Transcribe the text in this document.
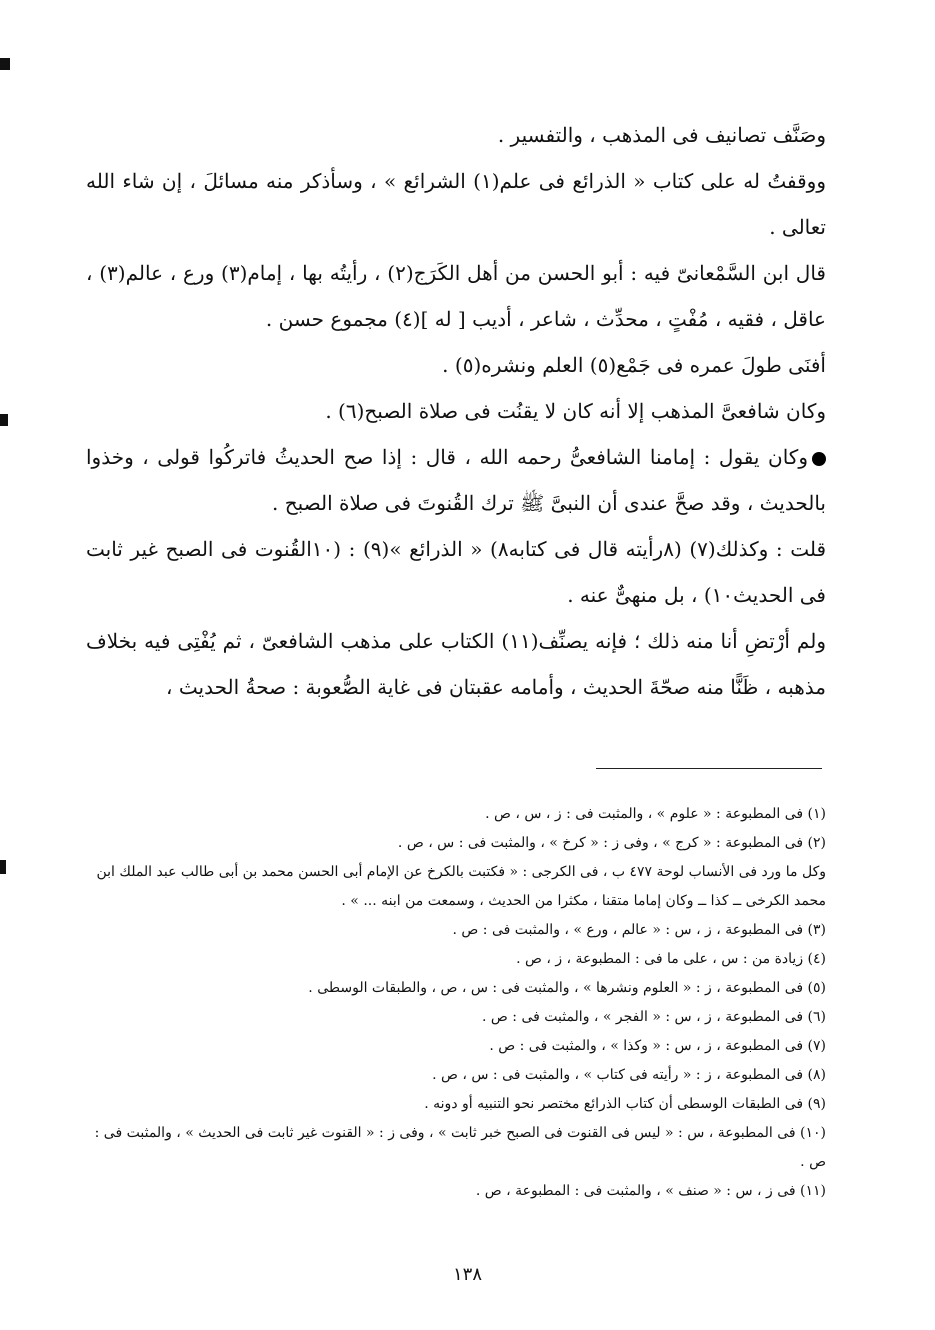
وصَنَّف تصانيف فى المذهب ، والتفسير .

ووقفتُ له على كتاب « الذرائع فى علم(١) الشرائع » ، وسأذكر منه مسائلَ ، إن شاء الله تعالى .

قال ابن السَّمْعانىّ فيه : أبو الحسن من أهل الكَرَج(٢) ، رأيتُه بها ، إمام(٣) ورع ، عالم(٣) ، عاقل ، فقيه ، مُفْتٍ ، محدِّث ، شاعر ، أديب [ له ](٤) مجموع حسن .

أفنَى طولَ عمره فى جَمْع(٥) العلم ونشره(٥) .

وكان شافعىَّ المذهب إلا أنه كان لا يقنُت فى صلاة الصبح(٦) .

وكان يقول : إمامنا الشافعىُّ رحمه الله ، قال : إذا صح الحديثُ فاتركُوا قولى ، وخذوا بالحديث ، وقد صحَّ عندى أن النبىَّ ﷺ ترك القُنوتَ فى صلاة الصبح .

قلت : وكذلك(٧) (٨رأيته قال فى كتابه٨) « الذرائع »(٩) : (١٠القُنوت فى الصبح غير ثابت فى الحديث١٠) ، بل منهىٌّ عنه .

ولم أرْتضِ أنا منه ذلك ؛ فإنه يصنِّف(١١) الكتاب على مذهب الشافعىّ ، ثم يُفْتِى فيه بخلاف مذهبه ، ظَنًّا منه صحّةَ الحديث ، وأمامه عقبتان فى غاية الصُّعوبة : صحةُ الحديث ،

(١) فى المطبوعة : « علوم » ، والمثبت فى : ز ، س ، ص .

(٢) فى المطبوعة : « كرج » ، وفى ز : « كرخ » ، والمثبت فى : س ، ص .

وكل ما ورد فى الأنساب لوحة ٤٧٧ ب ، فى الكرجى : « فكتبت بالكرخ عن الإمام أبى الحسن محمد بن أبى طالب عبد الملك ابن محمد الكرخى ــ كذا ــ وكان إماما متقنا ، مكثرا من الحديث ، وسمعت من ابنه ... » .

(٣) فى المطبوعة ، ز ، س : « عالم ، ورع » ، والمثبت فى : ص .

(٤) زيادة من : س ، على ما فى : المطبوعة ، ز ، ص .

(٥) فى المطبوعة ، ز : « العلوم ونشرها » ، والمثبت فى : س ، ص ، والطبقات الوسطى .

(٦) فى المطبوعة ، ز ، س : « الفجر » ، والمثبت فى : ص .

(٧) فى المطبوعة ، ز ، س : « وكذا » ، والمثبت فى : ص .

(٨) فى المطبوعة ، ز : « رأيته فى كتاب » ، والمثبت فى : س ، ص .

(٩) فى الطبقات الوسطى أن كتاب الذرائع مختصر نحو التنبيه أو دونه .

(١٠) فى المطبوعة ، س : « ليس فى القنوت فى الصبح خبر ثابت » ، وفى ز : « القنوت غير ثابت فى الحديث » ، والمثبت فى : ص .

(١١) فى ز ، س : « صنف » ، والمثبت فى : المطبوعة ، ص .

١٣٨
